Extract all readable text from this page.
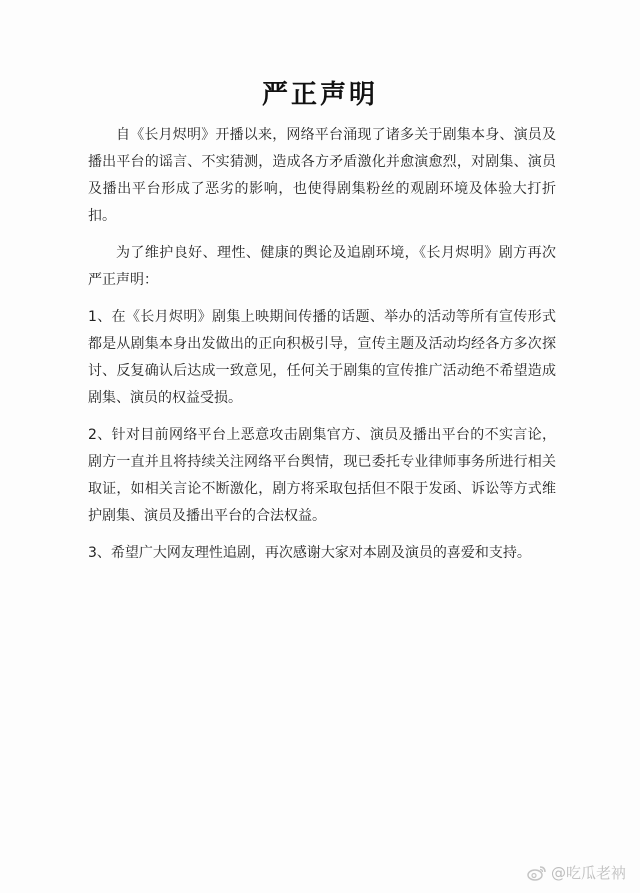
严正声明

自《长月烬明》开播以来，网络平台涌现了诸多关于剧集本身、演员及播出平台的谣言、不实猜测，造成各方矛盾激化并愈演愈烈，对剧集、演员及播出平台形成了恶劣的影响，也使得剧集粉丝的观剧环境及体验大打折扣。

为了维护良好、理性、健康的舆论及追剧环境，《长月烬明》剧方再次严正声明：

1、在《长月烬明》剧集上映期间传播的话题、举办的活动等所有宣传形式都是从剧集本身出发做出的正向积极引导，宣传主题及活动均经各方多次探讨、反复确认后达成一致意见，任何关于剧集的宣传推广活动绝不希望造成剧集、演员的权益受损。

2、针对目前网络平台上恶意攻击剧集官方、演员及播出平台的不实言论，剧方一直并且将持续关注网络平台舆情，现已委托专业律师事务所进行相关取证，如相关言论不断激化，剧方将采取包括但不限于发函、诉讼等方式维护剧集、演员及播出平台的合法权益。

3、希望广大网友理性追剧，再次感谢大家对本剧及演员的喜爱和支持。

@吃瓜老衲
